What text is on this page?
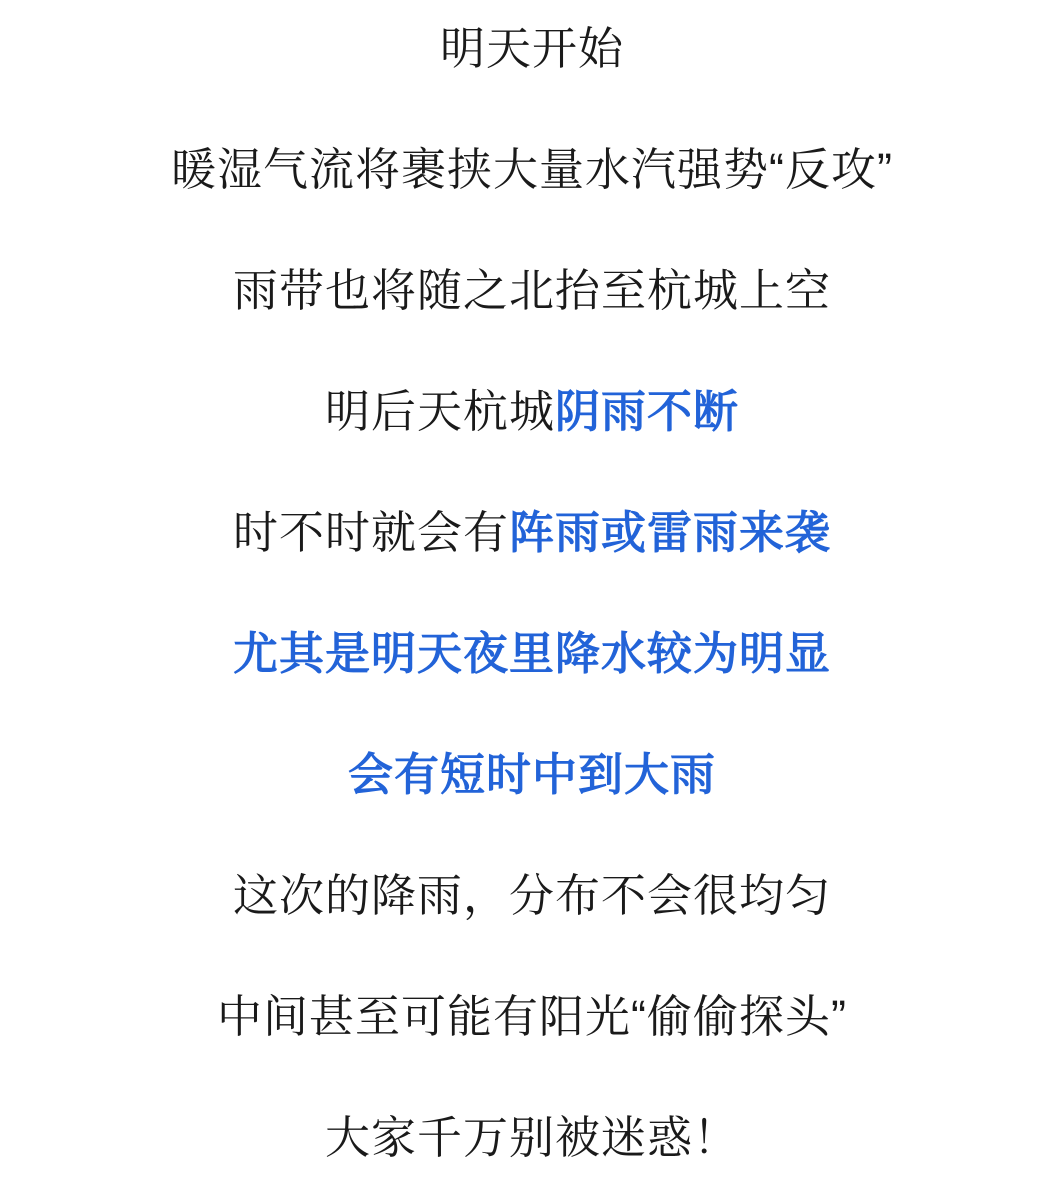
明天开始

暖湿气流将裹挟大量水汽强势“反攻”

雨带也将随之北抬至杭城上空

明后天杭城阴雨不断

时不时就会有阵雨或雷雨来袭

尤其是明天夜里降水较为明显

会有短时中到大雨

这次的降雨，分布不会很均匀

中间甚至可能有阳光“偷偷探头”

大家千万别被迷惑！
